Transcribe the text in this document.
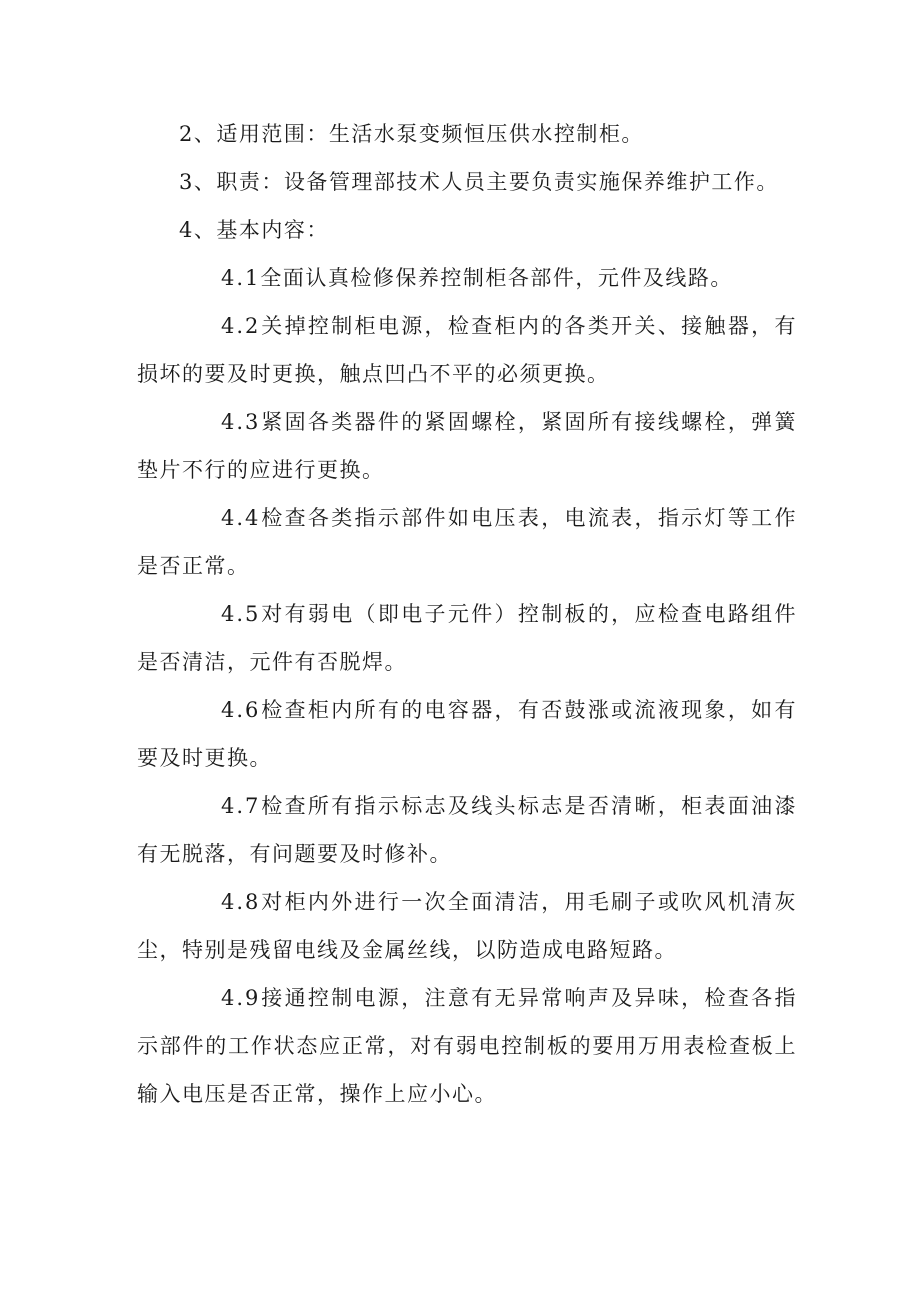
2、适用范围：生活水泵变频恒压供水控制柜。

3、职责：设备管理部技术人员主要负责实施保养维护工作。

4、基本内容：

4.1全面认真检修保养控制柜各部件，元件及线路。

4.2关掉控制柜电源，检查柜内的各类开关、接触器，有损坏的要及时更换，触点凹凸不平的必须更换。

4.3紧固各类器件的紧固螺栓，紧固所有接线螺栓，弹簧垫片不行的应进行更换。

4.4检查各类指示部件如电压表，电流表，指示灯等工作是否正常。

4.5对有弱电（即电子元件）控制板的，应检查电路组件是否清洁，元件有否脱焊。

4.6检查柜内所有的电容器，有否鼓涨或流液现象，如有要及时更换。

4.7检查所有指示标志及线头标志是否清晰，柜表面油漆有无脱落，有问题要及时修补。

4.8对柜内外进行一次全面清洁，用毛刷子或吹风机清灰尘，特别是残留电线及金属丝线，以防造成电路短路。

4.9接通控制电源，注意有无异常响声及异味，检查各指示部件的工作状态应正常，对有弱电控制板的要用万用表检查板上输入电压是否正常，操作上应小心。
